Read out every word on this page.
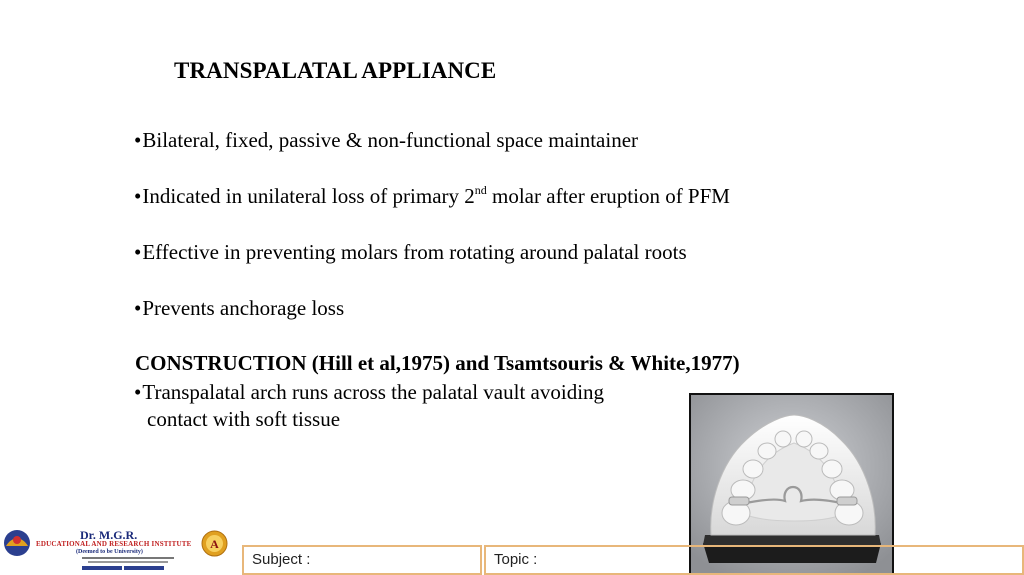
TRANSPALATAL APPLIANCE
•Bilateral, fixed, passive & non-functional space maintainer
•Indicated in unilateral loss of primary 2nd molar after eruption of PFM
•Effective in preventing molars from rotating around palatal roots
•Prevents anchorage loss
CONSTRUCTION (Hill et al,1975) and Tsamtsouris & White,1977)
•Transpalatal arch runs across the palatal vault avoiding
contact with soft tissue
Dr. M.G.R.
EDUCATIONAL AND RESEARCH INSTITUTE
(Deemed to be University)
A
Subject :	Topic :
